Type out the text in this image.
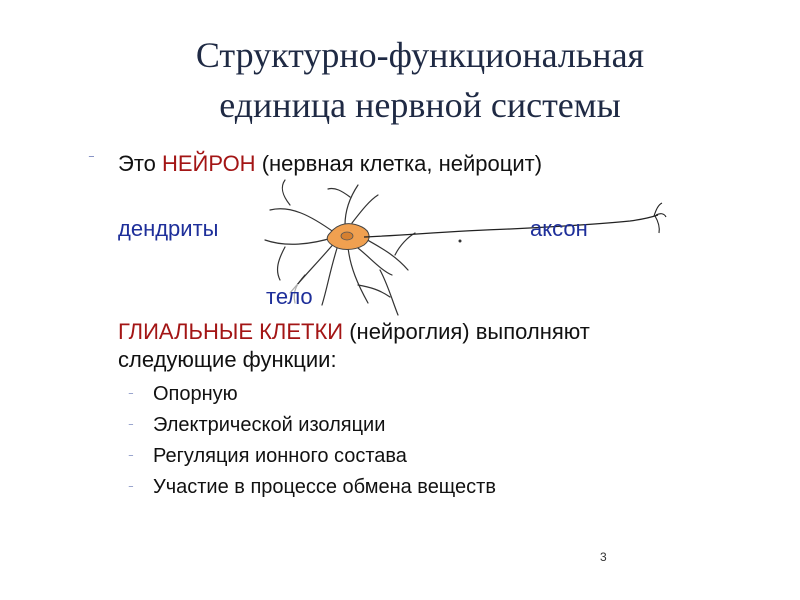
Структурно-функциональная
единица нервной системы
⁻ Это НЕЙРОН (нервная клетка, нейроцит)
дендриты	аксон
тело
ГЛИАЛЬНЫЕ КЛЕТКИ (нейроглия) выполняют
следующие функции:
⁻ Опорную
⁻ Электрической изоляции
⁻ Регуляция ионного состава
⁻ Участие в процессе обмена веществ
3
